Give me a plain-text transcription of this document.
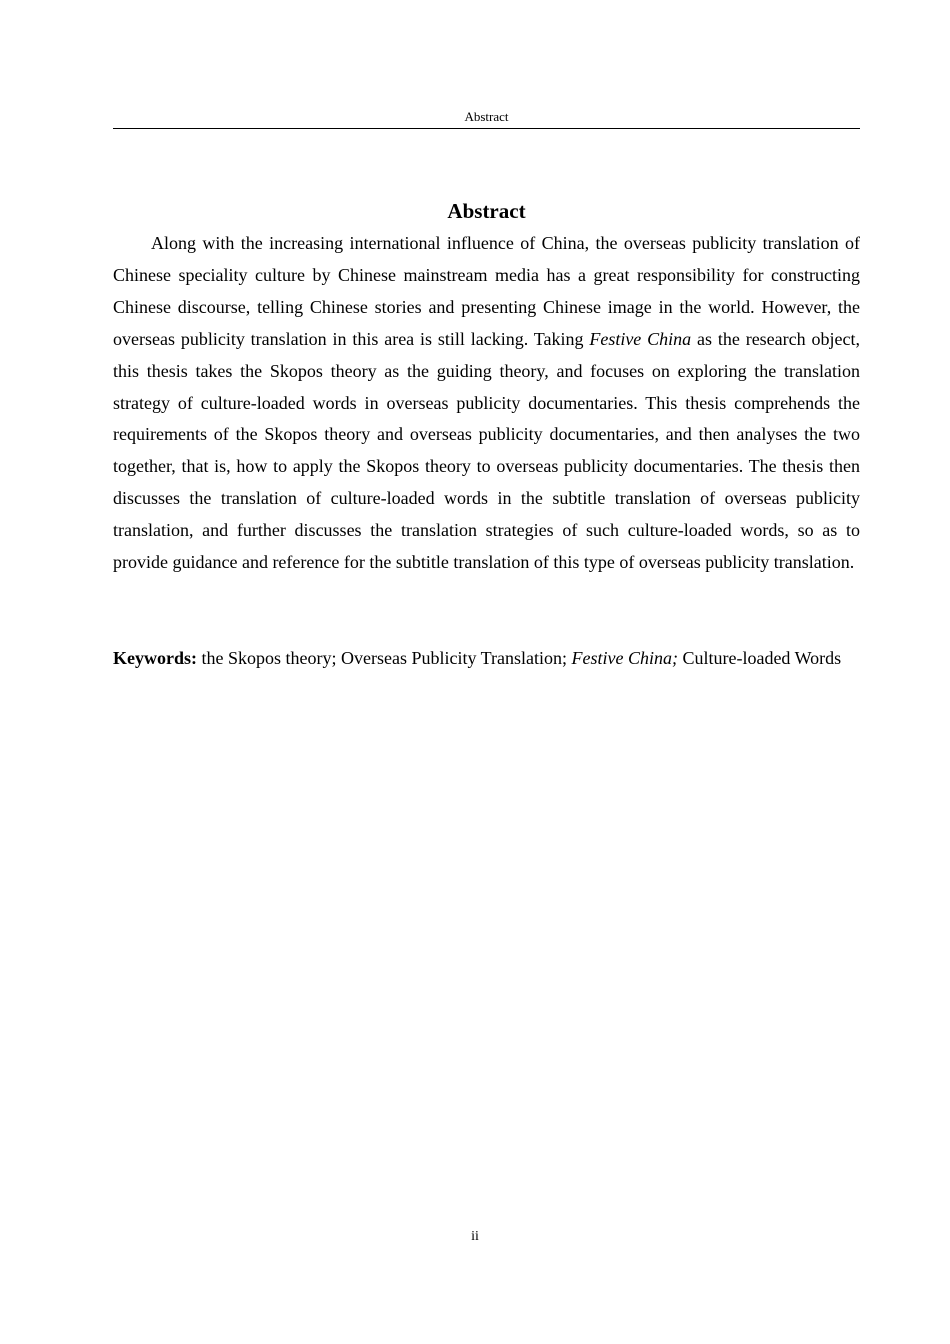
Abstract
Abstract

Along with the increasing international influence of China, the overseas publicity translation of Chinese speciality culture by Chinese mainstream media has a great responsibility for constructing Chinese discourse, telling Chinese stories and presenting Chinese image in the world. However, the overseas publicity translation in this area is still lacking. Taking Festive China as the research object, this thesis takes the Skopos theory as the guiding theory, and focuses on exploring the translation strategy of culture-loaded words in overseas publicity documentaries. This thesis comprehends the requirements of the Skopos theory and overseas publicity documentaries, and then analyses the two together, that is, how to apply the Skopos theory to overseas publicity documentaries. The thesis then discusses the translation of culture-loaded words in the subtitle translation of overseas publicity translation, and further discusses the translation strategies of such culture-loaded words, so as to provide guidance and reference for the subtitle translation of this type of overseas publicity translation.

Keywords: the Skopos theory; Overseas Publicity Translation; Festive China; Culture-loaded Words

ii
